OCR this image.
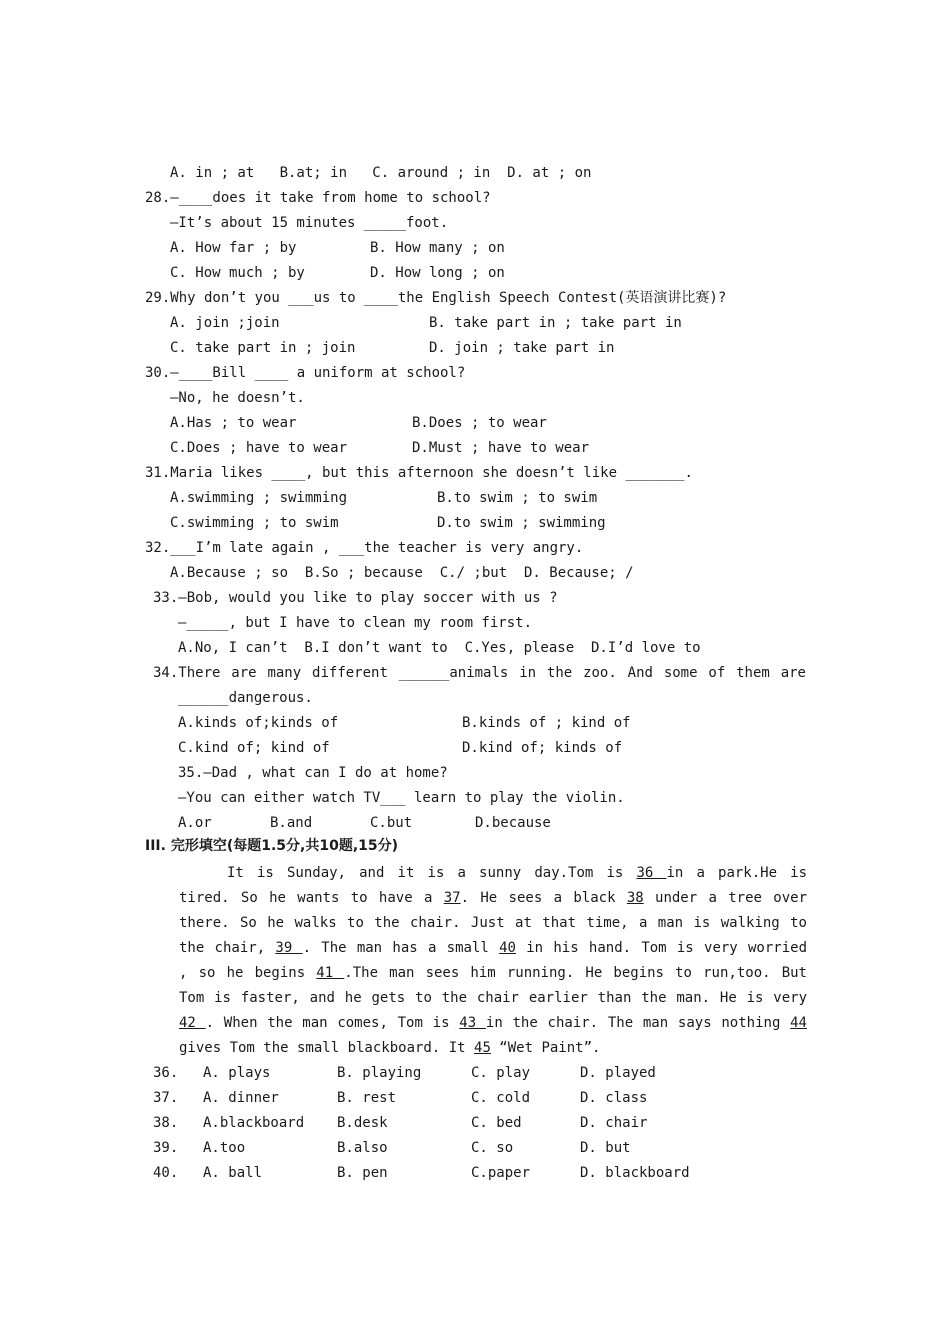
A. in ; at   B.at; in   C. around ; in  D. at ; on
28.—____does it take from home to school?
—It’s about 15 minutes _____foot.
A. How far ; by	B. How many ; on
C. How much ; by	D. How long ; on
29.Why don’t you ___us to ____the English Speech Contest(英语演讲比赛)?
A. join ;join	B. take part in ; take part in
C. take part in ; join	D. join ; take part in
30.—____Bill ____ a uniform at school?
—No, he doesn’t.
A.Has ; to wear	B.Does ; to wear
C.Does ; have to wear	D.Must ; have to wear
31.Maria likes ____, but this afternoon she doesn’t like _______.
A.swimming ; swimming	B.to swim ; to swim
C.swimming ; to swim	D.to swim ; swimming
32.___I’m late again , ___the teacher is very angry.
A.Because ; so  B.So ; because  C./ ;but  D. Because; /
33.—Bob, would you like to play soccer with us ?
—_____, but I have to clean my room first.
A.No, I can’t  B.I don’t want to  C.Yes, please  D.I’d love to
34.There are many different ______animals in the zoo. And some of them are
______dangerous.
A.kinds of;kinds of	B.kinds of ; kind of
C.kind of; kind of	D.kind of; kinds of
35.—Dad , what can I do at home?
—You can either watch TV___ learn to play the violin.
A.or	B.and	C.but	D.because
III. 完形填空(每题1.5分,共10题,15分)
It is Sunday, and it is a sunny day.Tom is 36 in a park.He is
tired. So he wants to have a 37. He sees a black 38 under a tree over
there. So he walks to the chair. Just at that time, a man is walking to
the chair, 39 . The man has a small 40 in his hand. Tom is very worried
, so he begins 41 .The man sees him running. He begins to run,too. But
Tom is faster, and he gets to the chair earlier than the man. He is very
42 . When the man comes, Tom is 43 in the chair. The man says nothing 44
gives Tom the small blackboard. It 45 “Wet Paint”.
36. A. plays	B. playing	C. play	D. played
37. A. dinner	B. rest	C. cold	D. class
38. A.blackboard B.desk	C. bed	D. chair
39. A.too	B.also	C. so	D. but
40. A. ball	B. pen	C.paper	D. blackboard
